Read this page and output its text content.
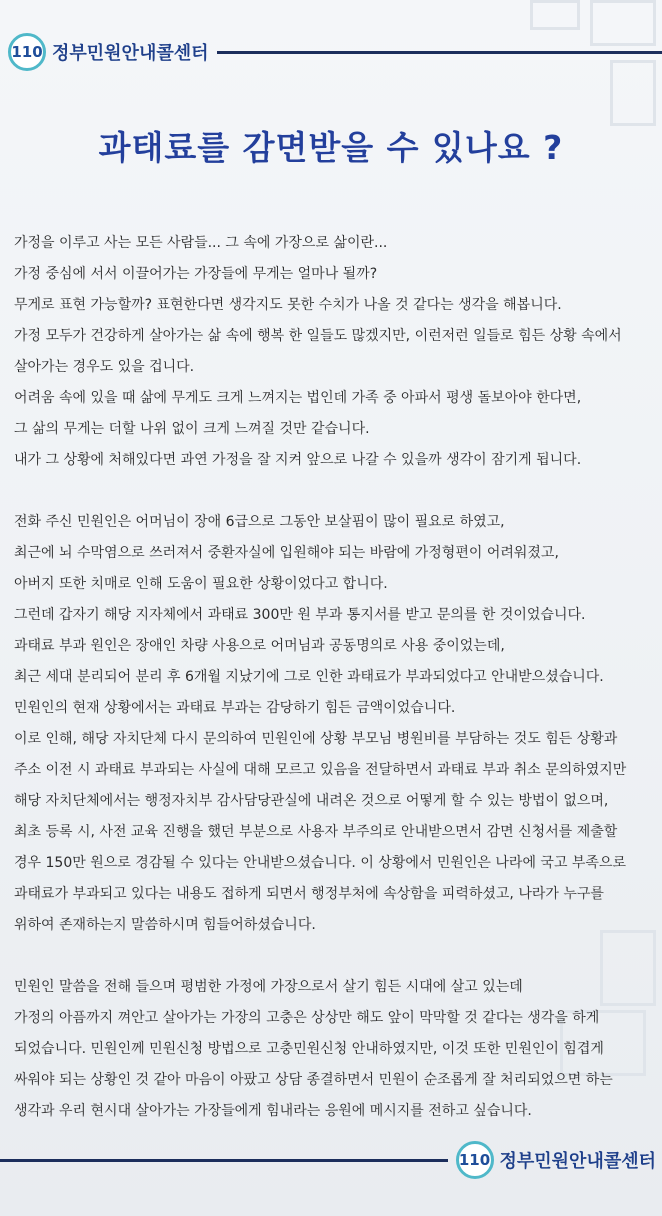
110 정부민원안내콜센터
과태료를 감면받을 수 있나요 ?
가정을 이루고 사는 모든 사람들... 그 속에 가장으로 삶이란...
가정 중심에 서서 이끌어가는 가장들에 무게는 얼마나 될까?
무게로 표현 가능할까? 표현한다면 생각지도 못한 수치가 나올 것 같다는 생각을 해봅니다.
가정 모두가 건강하게 살아가는 삶 속에 행복 한 일들도 많겠지만, 이런저런 일들로 힘든 상황 속에서
살아가는 경우도 있을 겁니다.
어려움 속에 있을 때 삶에 무게도 크게 느껴지는 법인데 가족 중 아파서 평생 돌보아야 한다면,
그 삶의 무게는 더할 나위 없이 크게 느껴질 것만 같습니다.
내가 그 상황에 처해있다면 과연 가정을 잘 지켜 앞으로 나갈 수 있을까 생각이 잠기게 됩니다.
전화 주신 민원인은 어머님이 장애 6급으로 그동안 보살핌이 많이 필요로 하였고,
최근에 뇌 수막염으로 쓰러져서 중환자실에 입원해야 되는 바람에 가정형편이 어려워졌고,
아버지 또한 치매로 인해 도움이 필요한 상황이었다고 합니다.
그런데 갑자기 해당 지자체에서 과태료 300만 원 부과 통지서를 받고 문의를 한 것이었습니다.
과태료 부과 원인은 장애인 차량 사용으로 어머님과 공동명의로 사용 중이었는데,
최근 세대 분리되어 분리 후 6개월 지났기에 그로 인한 과태료가 부과되었다고 안내받으셨습니다.
민원인의 현재 상황에서는 과태료 부과는 감당하기 힘든 금액이었습니다.
이로 인해, 해당 자치단체 다시 문의하여 민원인에 상황 부모님 병원비를 부담하는 것도 힘든 상황과
주소 이전 시 과태료 부과되는 사실에 대해 모르고 있음을 전달하면서 과태료 부과 취소 문의하였지만
해당 자치단체에서는 행정자치부 감사담당관실에 내려온 것으로 어떻게 할 수 있는 방법이 없으며,
최초 등록 시, 사전 교육 진행을 했던 부분으로 사용자 부주의로 안내받으면서 감면 신청서를 제출할
경우 150만 원으로 경감될 수 있다는 안내받으셨습니다. 이 상황에서 민원인은 나라에 국고 부족으로
과태료가 부과되고 있다는 내용도 접하게 되면서 행정부처에 속상함을 피력하셨고, 나라가 누구를
위하여 존재하는지 말씀하시며 힘들어하셨습니다.
민원인 말씀을 전해 들으며 평범한 가정에 가장으로서 살기 힘든 시대에 살고 있는데
가정의 아픔까지 껴안고 살아가는 가장의 고충은 상상만 해도 앞이 막막할 것 같다는 생각을 하게
되었습니다. 민원인께 민원신청 방법으로 고충민원신청 안내하였지만, 이것 또한 민원인이 힘겹게
싸워야 되는 상황인 것 같아 마음이 아팠고 상담 종결하면서 민원이 순조롭게 잘 처리되었으면 하는
생각과 우리 현시대 살아가는 가장들에게 힘내라는 응원에 메시지를 전하고 싶습니다.
110 정부민원안내콜센터
